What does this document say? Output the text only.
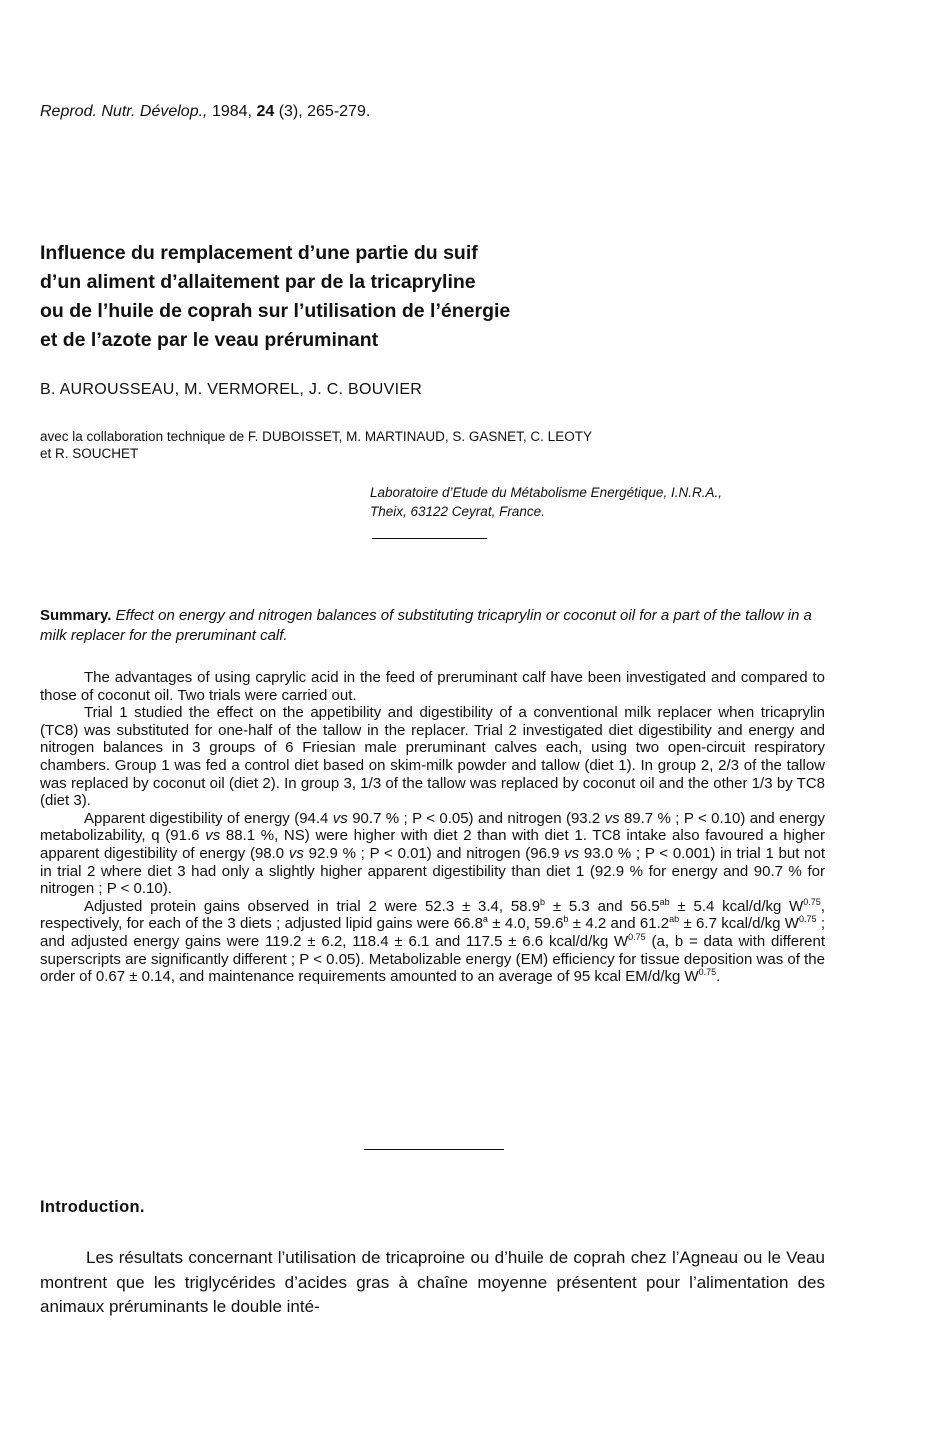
Reprod. Nutr. Dévelop., 1984, 24 (3), 265-279.
Influence du remplacement d’une partie du suif
d’un aliment d’allaitement par de la tricapryline
ou de l’huile de coprah sur l’utilisation de l’énergie
et de l’azote par le veau préruminant
B. AUROUSSEAU, M. VERMOREL, J. C. BOUVIER
avec la collaboration technique de F. DUBOISSET, M. MARTINAUD, S. GASNET, C. LEOTY
et R. SOUCHET
Laboratoire d’Etude du Métabolisme Energétique, I.N.R.A.,
Theix, 63122 Ceyrat, France.
Summary. Effect on energy and nitrogen balances of substituting tricaprylin or coconut oil for a part of the tallow in a milk replacer for the preruminant calf.

The advantages of using caprylic acid in the feed of preruminant calf have been investigated and compared to those of coconut oil. Two trials were carried out.

Trial 1 studied the effect on the appetibility and digestibility of a conventional milk replacer when tricaprylin (TC8) was substituted for one-half of the tallow in the replacer. Trial 2 investigated diet digestibility and energy and nitrogen balances in 3 groups of 6 Friesian male preruminant calves each, using two open-circuit respiratory chambers. Group 1 was fed a control diet based on skim-milk powder and tallow (diet 1). In group 2, 2/3 of the tallow was replaced by coconut oil (diet 2). In group 3, 1/3 of the tallow was replaced by coconut oil and the other 1/3 by TC8 (diet 3).

Apparent digestibility of energy (94.4 vs 90.7 % ; P < 0.05) and nitrogen (93.2 vs 89.7 % ; P < 0.10) and energy metabolizability, q (91.6 vs 88.1 %, NS) were higher with diet 2 than with diet 1. TC8 intake also favoured a higher apparent digestibility of energy (98.0 vs 92.9 % ; P < 0.01) and nitrogen (96.9 vs 93.0 % ; P < 0.001) in trial 1 but not in trial 2 where diet 3 had only a slightly higher apparent digestibility than diet 1 (92.9 % for energy and 90.7 % for nitrogen ; P < 0.10).

Adjusted protein gains observed in trial 2 were 52.3 ± 3.4, 58.9$^b$ ± 5.3 and 56.5$^{ab}$ ± 5.4 kcal/d/kg $W^{0.75}$, respectively, for each of the 3 diets ; adjusted lipid gains were 66.8$^a$ ± 4.0, 59.6$^b$ ± 4.2 and 61.2$^{ab}$ ± 6.7 kcal/d/kg $W^{0.75}$ ; and adjusted energy gains were 119.2 ± 6.2, 118.4 ± 6.1 and 117.5 ± 6.6 kcal/d/kg $W^{0.75}$ (a, b = data with different superscripts are significantly different ; P < 0.05). Metabolizable energy (EM) efficiency for tissue deposition was of the order of 0.67 ± 0.14, and maintenance requirements amounted to an average of 95 kcal EM/d/kg $W^{0.75}$.

Introduction.

Les résultats concernant l’utilisation de tricaproine ou d’huile de coprah chez l’Agneau ou le Veau montrent que les triglycérides d’acides gras à chaîne moyenne présentent pour l’alimentation des animaux préruminants le double inté-
